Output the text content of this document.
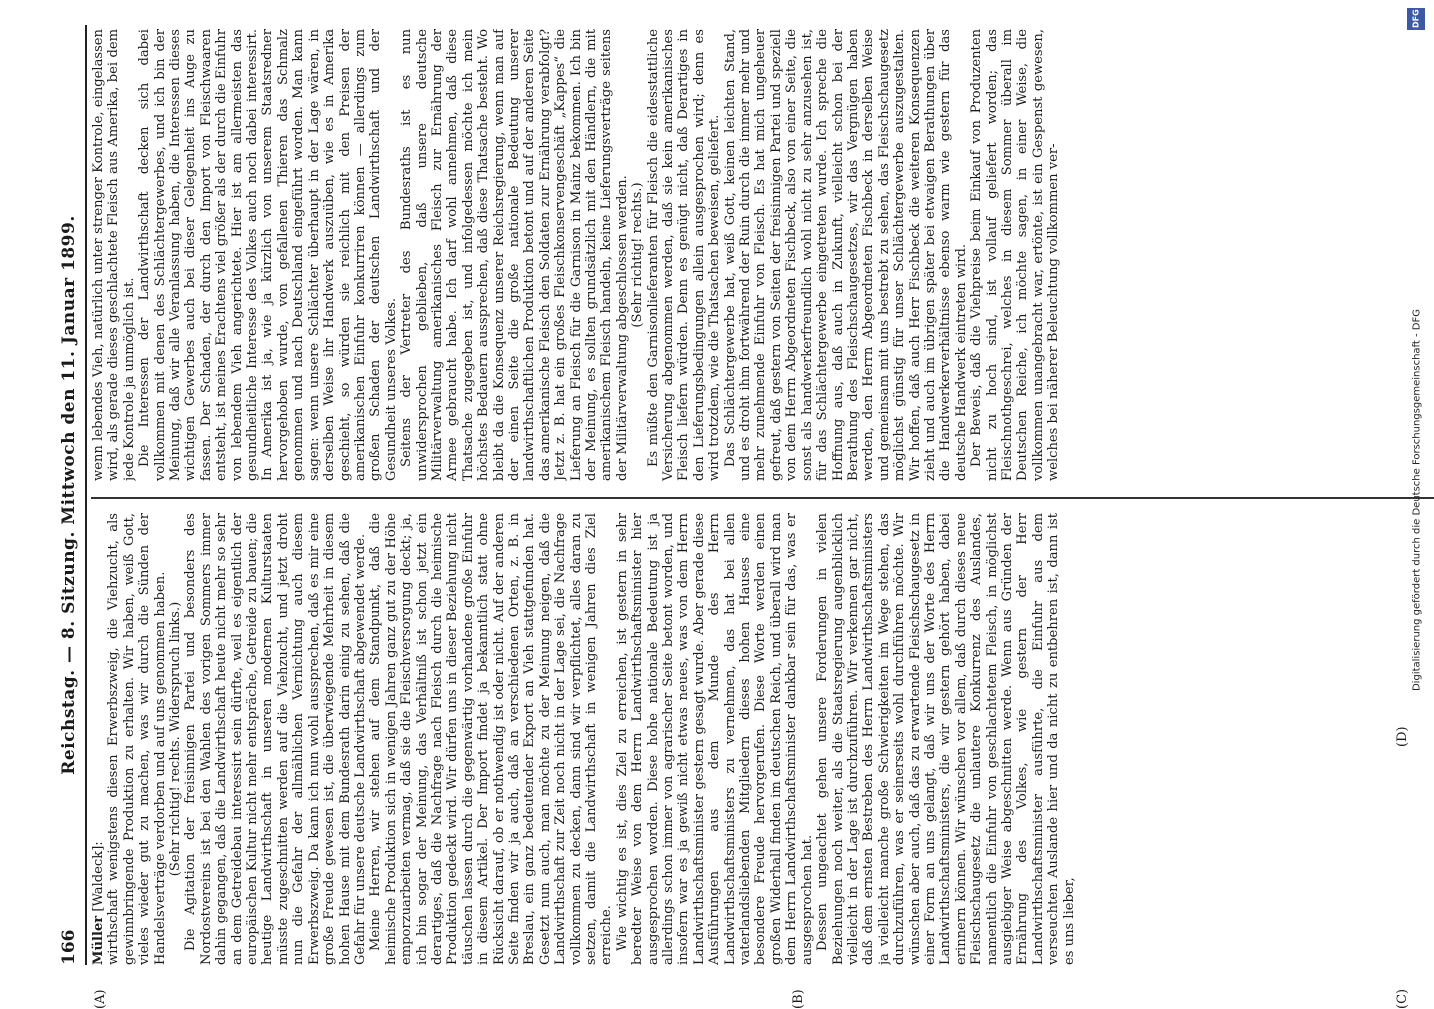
166
Reichstag. — 8. Sitzung. Mittwoch den 11. Januar 1899.

Müller [Waldeck]: wirthschaft wenigstens diesen Erwerbszweig, die Viehzucht, als gewinnbringende Produktion zu erhalten. Wir haben, weiß Gott, vieles wieder gut zu machen, was wir durch die Sünden der Handelsverträge verdorben und auf uns genommen haben. (Sehr richtig! rechts. Widerspruch links.) Die Agitation der freisinnigen Partei und besonders des Nordostvereins ist bei den Wahlen des vorigen Sommers immer dahin gegangen, daß die Landwirthschaft heute nicht mehr so sehr an dem Getreidebau interessirt sein dürfte, weil es eigentlich der europäischen Kultur nicht mehr entspräche, Getreide zu bauen; die heutige Landwirthschaft in unseren modernen Kulturstaaten müsste zugeschnitten werden auf die Viehzucht, und jetzt droht nun die Gefahr der allmählichen Vernichtung auch diesem Erwerbszweig. Da kann ich nun wohl aussprechen, daß es mir eine große Freude gewesen ist, die überwiegende Mehrheit in diesem hohen Hause mit dem Bundesrath darin einig zu sehen, daß die Gefahr für unsere deutsche Landwirthschaft abgewendet werde. Meine Herren, wir stehen auf dem Standpunkt, daß die heimische Produktion sich in wenigen Jahren ganz gut zu der Höhe emporzuarbeiten vermag, daß sie die Fleischversorgung deckt; ja, ich bin sogar der Meinung, das Verhältniß ist schon jetzt ein derartiges, daß die Nachfrage nach Fleisch durch die heimische Produktion gedeckt wird. Wir dürfen uns in dieser Beziehung nicht täuschen lassen durch die gegenwärtig vorhandene große Einfuhr in diesem Artikel. Der Import findet ja bekanntlich statt ohne Rücksicht darauf, ob er nothwendig ist oder nicht. Auf der anderen Seite finden wir ja auch, daß an verschiedenen Orten, z. B. in Breslau, ein ganz bedeutender Export an Vieh stattgefunden hat. Gesetzt nun auch, man möchte zu der Meinung neigen, daß die Landwirthschaft zur Zeit noch nicht in der Lage sei, die Nachfrage vollkommen zu decken, dann sind wir verpflichtet, alles daran zu setzen, damit die Landwirthschaft in wenigen Jahren dies Ziel erreiche. Wie wichtig es ist, dies Ziel zu erreichen, ist gestern in sehr beredter Weise von dem Herrn Landwirthschaftsminister hier ausgesprochen worden. Diese hohe nationale Bedeutung ist ja allerdings schon immer von agrarischer Seite betont worden, und insofern war es ja gewiß nicht etwas neues, was von dem Herrn Landwirthschaftsminister gestern gesagt wurde. Aber gerade diese Ausführungen aus dem Munde des Herrn Landwirthschaftsministers zu vernehmen, das hat bei allen vaterlandsliebenden Mitgliedern dieses hohen Hauses eine besondere Freude hervorgerufen. Diese Worte werden einen großen Widerhall finden im deutschen Reich, und überall wird man dem Herrn Landwirthschaftsminister dankbar sein für das, was er ausgesprochen hat. Dessen ungeachtet gehen unsere Forderungen in vielen Beziehungen noch weiter, als die Staatsregierung augenblicklich vielleicht in der Lage ist durchzuführen. Wir verkennen gar nicht, daß dem ernsten Bestreben des Herrn Landwirthschaftsministers ja vielleicht manche große Schwierigkeiten im Wege stehen, das durchzuführen, was er seinerseits wohl durchführen möchte. Wir wünschen aber auch, daß das zu erwartende Fleischschaugesetz in einer Form an uns gelangt, daß wir uns der Worte des Herrn Landwirthschaftsministers, die wir gestern gehört haben, dabei erinnern können. Wir wünschen vor allem, daß durch dieses neue Fleischschaugesetz die unlautere Konkurrenz des Auslandes, namentlich die Einfuhr von geschlachtetem Fleisch, in möglichst ausgiebiger Weise abgeschnitten werde. Wenn aus Gründen der Ernährung des Volkes, wie gestern der Herr Landwirthschaftsminister ausführte, die Einfuhr aus dem verseuchten Auslande hier und da nicht zu entbehren ist, dann ist es uns lieber,

wenn lebendes Vieh, natürlich unter strenger Kontrole, eingelassen wird, als gerade dieses geschlachtete Fleisch aus Amerika, bei dem jede Kontrole ja unmöglich ist. Die Interessen der Landwirthschaft decken sich dabei vollkommen mit denen des Schlächtergewerbes, und ich bin der Meinung, daß wir alle Veranlassung haben, die Interessen dieses wichtigen Gewerbes auch bei dieser Gelegenheit ins Auge zu fassen. Der Schaden, der durch den Import von Fleischwaaren entsteht, ist meines Erachtens viel größer als der durch die Einfuhr von lebendem Vieh angerichtete. Hier ist am allermeisten das gesundheitliche Interesse des Volkes auch noch dabei interessirt. In Amerika ist ja, wie ja kürzlich von unserem Staatsredner hervorgehoben wurde, von gefallenen Thieren das Schmalz genommen und nach Deutschland eingeführt worden. Man kann sagen: wenn unsere Schlächter überhaupt in der Lage wären, in derselben Weise ihr Handwerk auszuüben, wie es in Amerika geschieht, so würden sie reichlich mit den Preisen der amerikanischen Einfuhr konkurriren können — allerdings zum großen Schaden der deutschen Landwirthschaft und der Gesundheit unseres Volkes. Seitens der Vertreter des Bundesraths ist es nun unwidersprochen geblieben, daß unsere deutsche Militärverwaltung amerikanisches Fleisch zur Ernährung der Armee gebraucht habe. Ich darf wohl annehmen, daß diese Thatsache zugegeben ist, und infolgedessen möchte ich mein höchstes Bedauern aussprechen, daß diese Thatsache besteht. Wo bleibt da die Konsequenz unserer Reichsregierung, wenn man auf der einen Seite die große nationale Bedeutung unserer landwirthschaftlichen Produktion betont und auf der anderen Seite das amerikanische Fleisch den Soldaten zur Ernährung verabfolgt? Jetzt z. B. hat ein großes Fleischkonservengeschäft „Kappes“ die Lieferung an Fleisch für die Garnison in Mainz bekommen. Ich bin der Meinung, es sollten grundsätzlich mit den Händlern, die mit amerikanischem Fleisch handeln, keine Lieferungsverträge seitens der Militärverwaltung abgeschlossen werden. (Sehr richtig! rechts.) Es müßte den Garnisonlieferanten für Fleisch die eidesstattliche Versicherung abgenommen werden, daß sie kein amerikanisches Fleisch liefern würden. Denn es genügt nicht, daß Derartiges in den Lieferungsbedingungen allein ausgesprochen wird; denn es wird trotzdem, wie die Thatsachen beweisen, geliefert. Das Schlächtergewerbe hat, weiß Gott, keinen leichten Stand, und es droht ihm fortwährend der Ruin durch die immer mehr und mehr zunehmende Einfuhr von Fleisch. Es hat mich ungeheuer gefreut, daß gestern von Seiten der freisinnigen Partei und speziell von dem Herrn Abgeordneten Fischbeck, also von einer Seite, die sonst als handwerkerfreundlich wohl nicht zu sehr anzusehen ist, für das Schlächtergewerbe eingetreten wurde. Ich spreche die Hoffnung aus, daß auch in Zukunft, vielleicht schon bei der Berathung des Fleischschaugesetzes, wir das Vergnügen haben werden, den Herrn Abgeordneten Fischbeck in derselben Weise und gemeinsam mit uns bestrebt zu sehen, das Fleischschaugesetz möglichst günstig für unser Schlächtergewerbe auszugestalten. Wir hoffen, daß auch Herr Fischbeck die weiteren Konsequenzen zieht und auch im übrigen später bei etwaigen Berathungen über die Handwerkerverhältnisse ebenso warm wie gestern für das deutsche Handwerk eintreten wird. Der Beweis, daß die Viehpreise beim Einkauf von Produzenten nicht zu hoch sind, ist vollauf geliefert worden; das Fleischnothgeschrei, welches in diesem Sommer überall im Deutschen Reiche, ich möchte sagen, in einer Weise, die vollkommen unangebracht war, ertönte, ist ein Gespenst gewesen, welches bei näherer Beleuchtung vollkommen ver-

(A)	(B)	(C)
(D)
DFG
Digitalisierung gefördert durch die Deutsche Forschungsgemeinschaft - DFG
